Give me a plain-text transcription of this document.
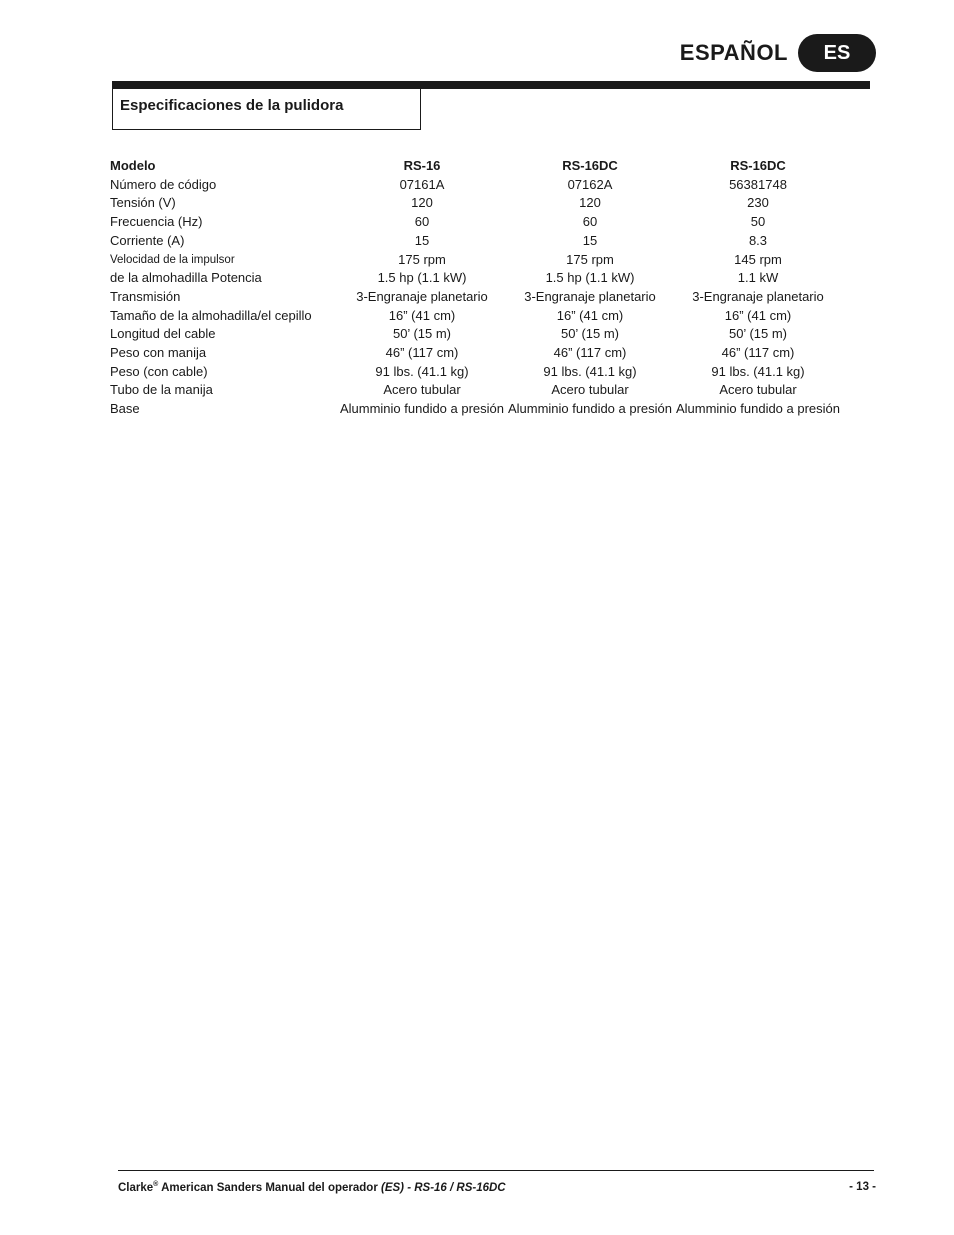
ESPAÑOL	ES
Especificaciones de la pulidora
Modelo	RS-16	RS-16DC	RS-16DC
Número de código	07161A	07162A	56381748
Tensión (V)	120	120	230
Frecuencia (Hz)	60	60	50
Corriente (A)	15	15	8.3
Velocidad de la impulsor	175 rpm	175 rpm	145 rpm
de la almohadilla Potencia	1.5 hp (1.1 kW)	1.5 hp (1.1 kW)	1.1 kW
Transmisión	3-Engranaje planetario	3-Engranaje planetario	3-Engranaje planetario
Tamaño de la almohadilla/el cepillo	16” (41 cm)	16” (41 cm)	16” (41 cm)
Longitud del cable	50’ (15 m)	50’ (15 m)	50’ (15 m)
Peso con manija	46” (117 cm)	46” (117 cm)	46” (117 cm)
Peso (con cable)	91 lbs. (41.1 kg)	91 lbs. (41.1 kg)	91 lbs. (41.1 kg)
Tubo de la manija	Acero tubular	Acero tubular	Acero tubular
Base	Alumminio fundido a presión	Alumminio fundido a presión	Alumminio fundido a presión
Clarke® American Sanders Manual del operador (ES) - RS-16 / RS-16DC	- 13 -
